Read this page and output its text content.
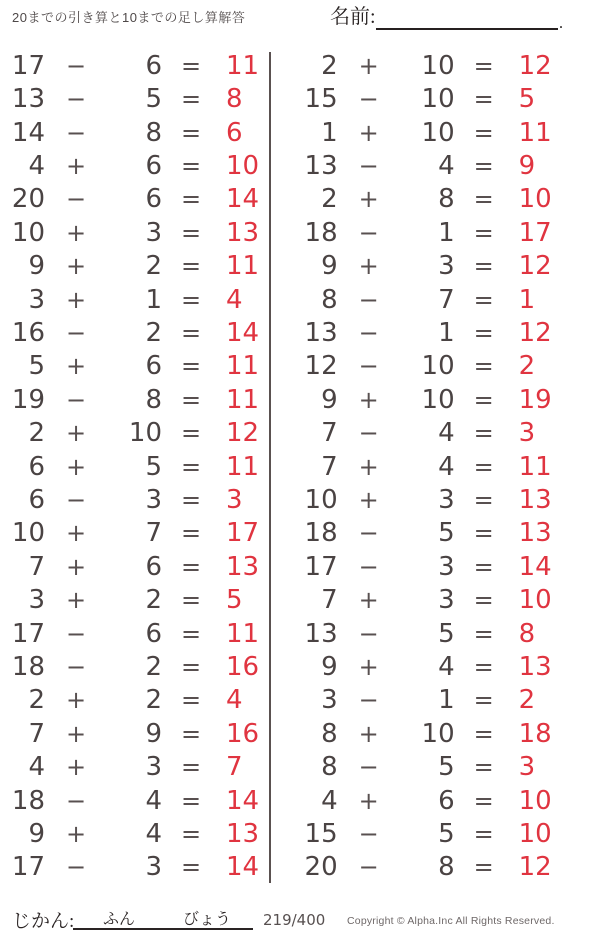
20までの引き算と10までの足し算解答	名前:	.
17 −	6 = 11
13 −	5 = 8
14 −	8 = 6
4 +	6 = 10
20 −	6 = 14
10 +	3 = 13
9 +	2 = 11
3 +	1 = 4
16 −	2 = 14
5 +	6 = 11
19 −	8 = 11
2 +	10 = 12
6 +	5 = 11
6 −	3 = 3
10 +	7 = 17
7 +	6 = 13
3 +	2 = 5
17 −	6 = 11
18 −	2 = 16
2 +	2 = 4
7 +	9 = 16
4 +	3 = 7
18 −	4 = 14
9 +	4 = 13
17 −	3 = 14
2 +	10 = 12
15 −	10 = 5
1 +	10 = 11
13 −	4 = 9
2 +	8 = 10
18 −	1 = 17
9 +	3 = 12
8 −	7 = 1
13 −	1 = 12
12 −	10 = 2
9 +	10 = 19
7 −	4 = 3
7 +	4 = 11
10 +	3 = 13
18 −	5 = 13
17 −	3 = 14
7 +	3 = 10
13 −	5 = 8
9 +	4 = 13
3 −	1 = 2
8 +	10 = 18
8 −	5 = 3
4 +	6 = 10
15 −	5 = 10
20 −	8 = 12
じかん: ふん	びょう 219/400 Copyright © Alpha.Inc All Rights Reserved.
